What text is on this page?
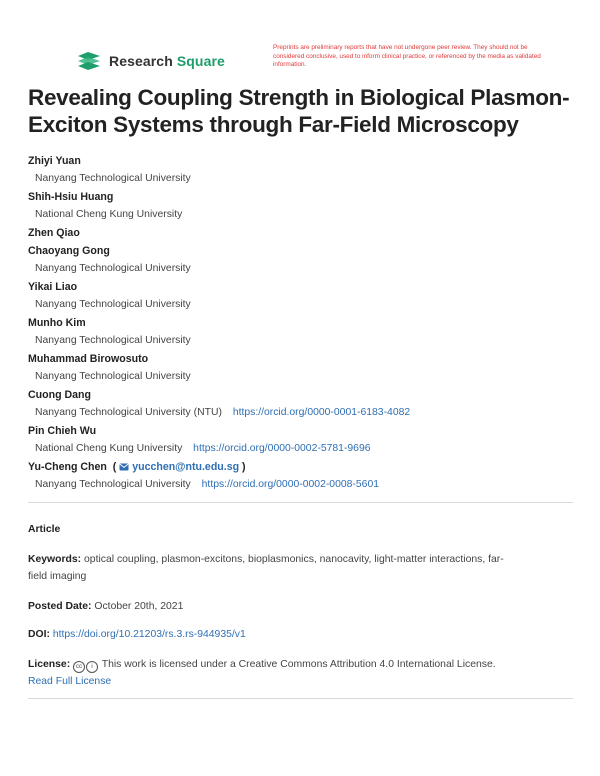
Research Square
Preprints are preliminary reports that have not undergone peer review. They should not be considered conclusive, used to inform clinical practice, or referenced by the media as validated information.
Revealing Coupling Strength in Biological Plasmon-Exciton Systems through Far-Field Microscopy
Zhiyi Yuan
Nanyang Technological University
Shih-Hsiu Huang
National Cheng Kung University
Zhen Qiao
Chaoyang Gong
Nanyang Technological University
Yikai Liao
Nanyang Technological University
Munho Kim
Nanyang Technological University
Muhammad Birowosuto
Nanyang Technological University
Cuong Dang
Nanyang Technological University (NTU) https://orcid.org/0000-0001-6183-4082
Pin Chieh Wu
National Cheng Kung University https://orcid.org/0000-0002-5781-9696
Yu-Cheng Chen  (  yucchen@ntu.edu.sg )
Nanyang Technological University https://orcid.org/0000-0002-0008-5601
Article
Keywords: optical coupling, plasmon-excitons, bioplasmonics, nanocavity, light-matter interactions, far-
field imaging
Posted Date: October 20th, 2021
DOI: https://doi.org/10.21203/rs.3.rs-944935/v1
License: cc i This work is licensed under a Creative Commons Attribution 4.0 International License.
Read Full License
